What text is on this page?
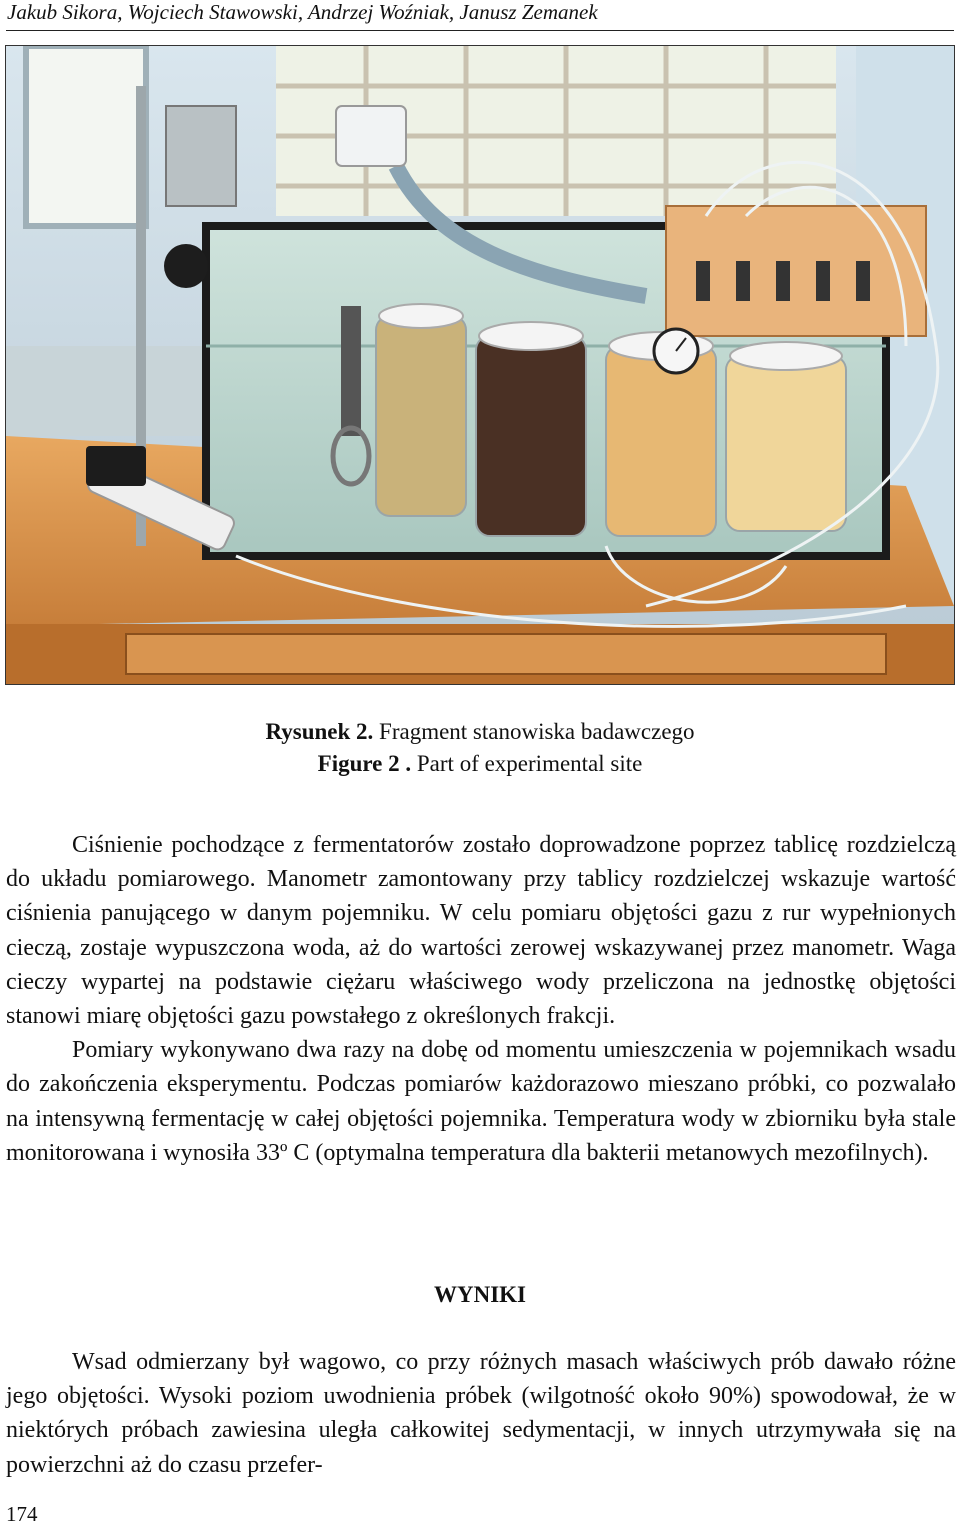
Jakub Sikora, Wojciech Stawowski, Andrzej Woźniak, Janusz Zemanek
Rysunek 2. Fragment stanowiska badawczego
Figure 2 . Part of experimental site

Ciśnienie pochodzące z fermentatorów zostało doprowadzone poprzez tablicę rozdzielczą do układu pomiarowego. Manometr zamontowany przy tablicy rozdzielczej wskazuje wartość ciśnienia panującego w danym pojemniku. W celu pomiaru objętości gazu z rur wypełnionych cieczą, zostaje wypuszczona woda, aż do wartości zerowej wskazywanej przez manometr. Waga cieczy wypartej na podstawie ciężaru właściwego wody przeliczona na jednostkę objętości stanowi miarę objętości gazu powstałego z określonych frakcji.

Pomiary wykonywano dwa razy na dobę od momentu umieszczenia w pojemnikach wsadu do zakończenia eksperymentu. Podczas pomiarów każdorazowo mieszano próbki, co pozwalało na intensywną fermentację w całej objętości pojemnika. Temperatura wody w zbiorniku była stale monitorowana i wynosiła 33º C (optymalna temperatura dla bakterii metanowych mezofilnych).

WYNIKI

Wsad odmierzany był wagowo, co przy różnych masach właściwych prób dawało różne jego objętości. Wysoki poziom uwodnienia próbek (wilgotność około 90%) spowodował, że w niektórych próbach zawiesina uległa całkowitej sedymentacji, w innych utrzymywała się na powierzchni aż do czasu przefer-

174
